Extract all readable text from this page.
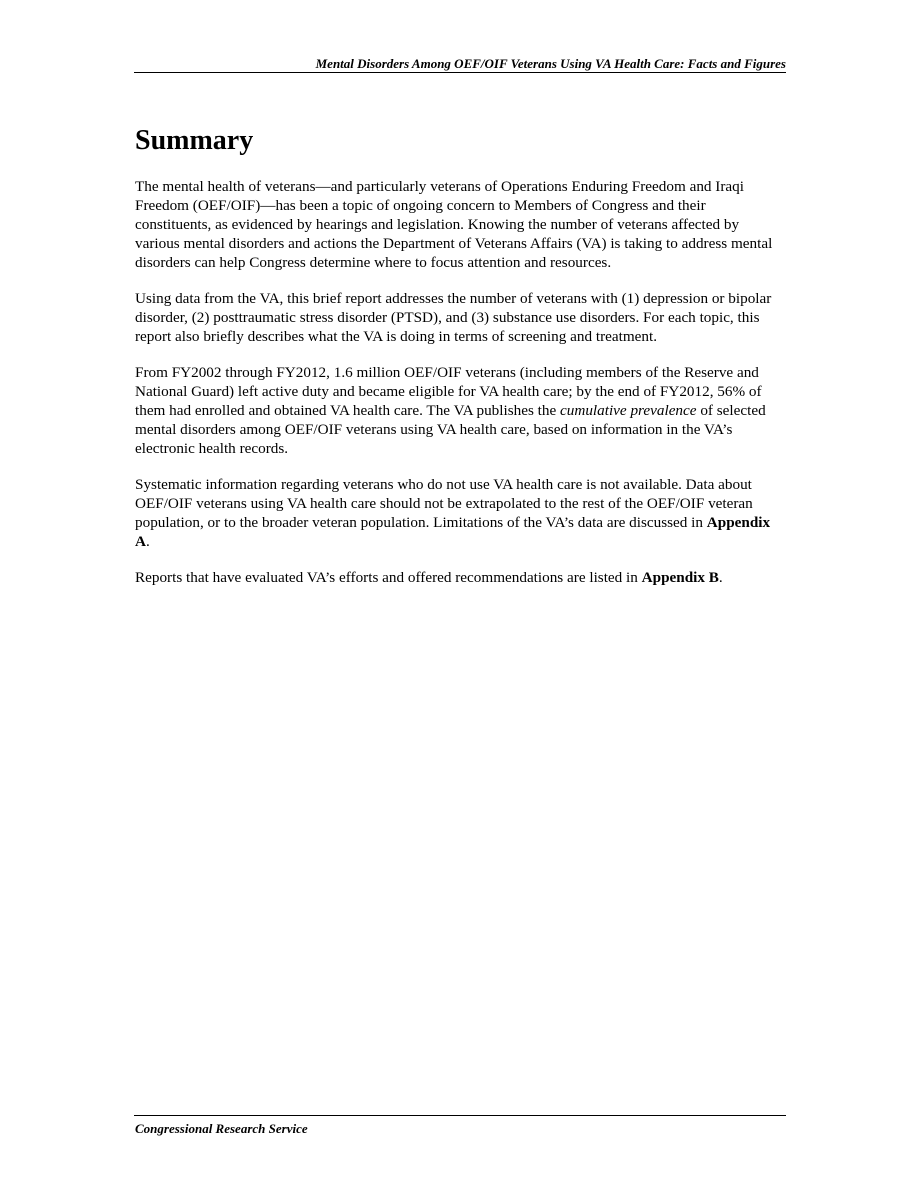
Mental Disorders Among OEF/OIF Veterans Using VA Health Care: Facts and Figures
Summary

The mental health of veterans—and particularly veterans of Operations Enduring Freedom and Iraqi Freedom (OEF/OIF)—has been a topic of ongoing concern to Members of Congress and their constituents, as evidenced by hearings and legislation. Knowing the number of veterans affected by various mental disorders and actions the Department of Veterans Affairs (VA) is taking to address mental disorders can help Congress determine where to focus attention and resources.

Using data from the VA, this brief report addresses the number of veterans with (1) depression or bipolar disorder, (2) posttraumatic stress disorder (PTSD), and (3) substance use disorders. For each topic, this report also briefly describes what the VA is doing in terms of screening and treatment.

From FY2002 through FY2012, 1.6 million OEF/OIF veterans (including members of the Reserve and National Guard) left active duty and became eligible for VA health care; by the end of FY2012, 56% of them had enrolled and obtained VA health care. The VA publishes the cumulative prevalence of selected mental disorders among OEF/OIF veterans using VA health care, based on information in the VA’s electronic health records.

Systematic information regarding veterans who do not use VA health care is not available. Data about OEF/OIF veterans using VA health care should not be extrapolated to the rest of the OEF/OIF veteran population, or to the broader veteran population. Limitations of the VA’s data are discussed in Appendix A.

Reports that have evaluated VA’s efforts and offered recommendations are listed in Appendix B.

Congressional Research Service
